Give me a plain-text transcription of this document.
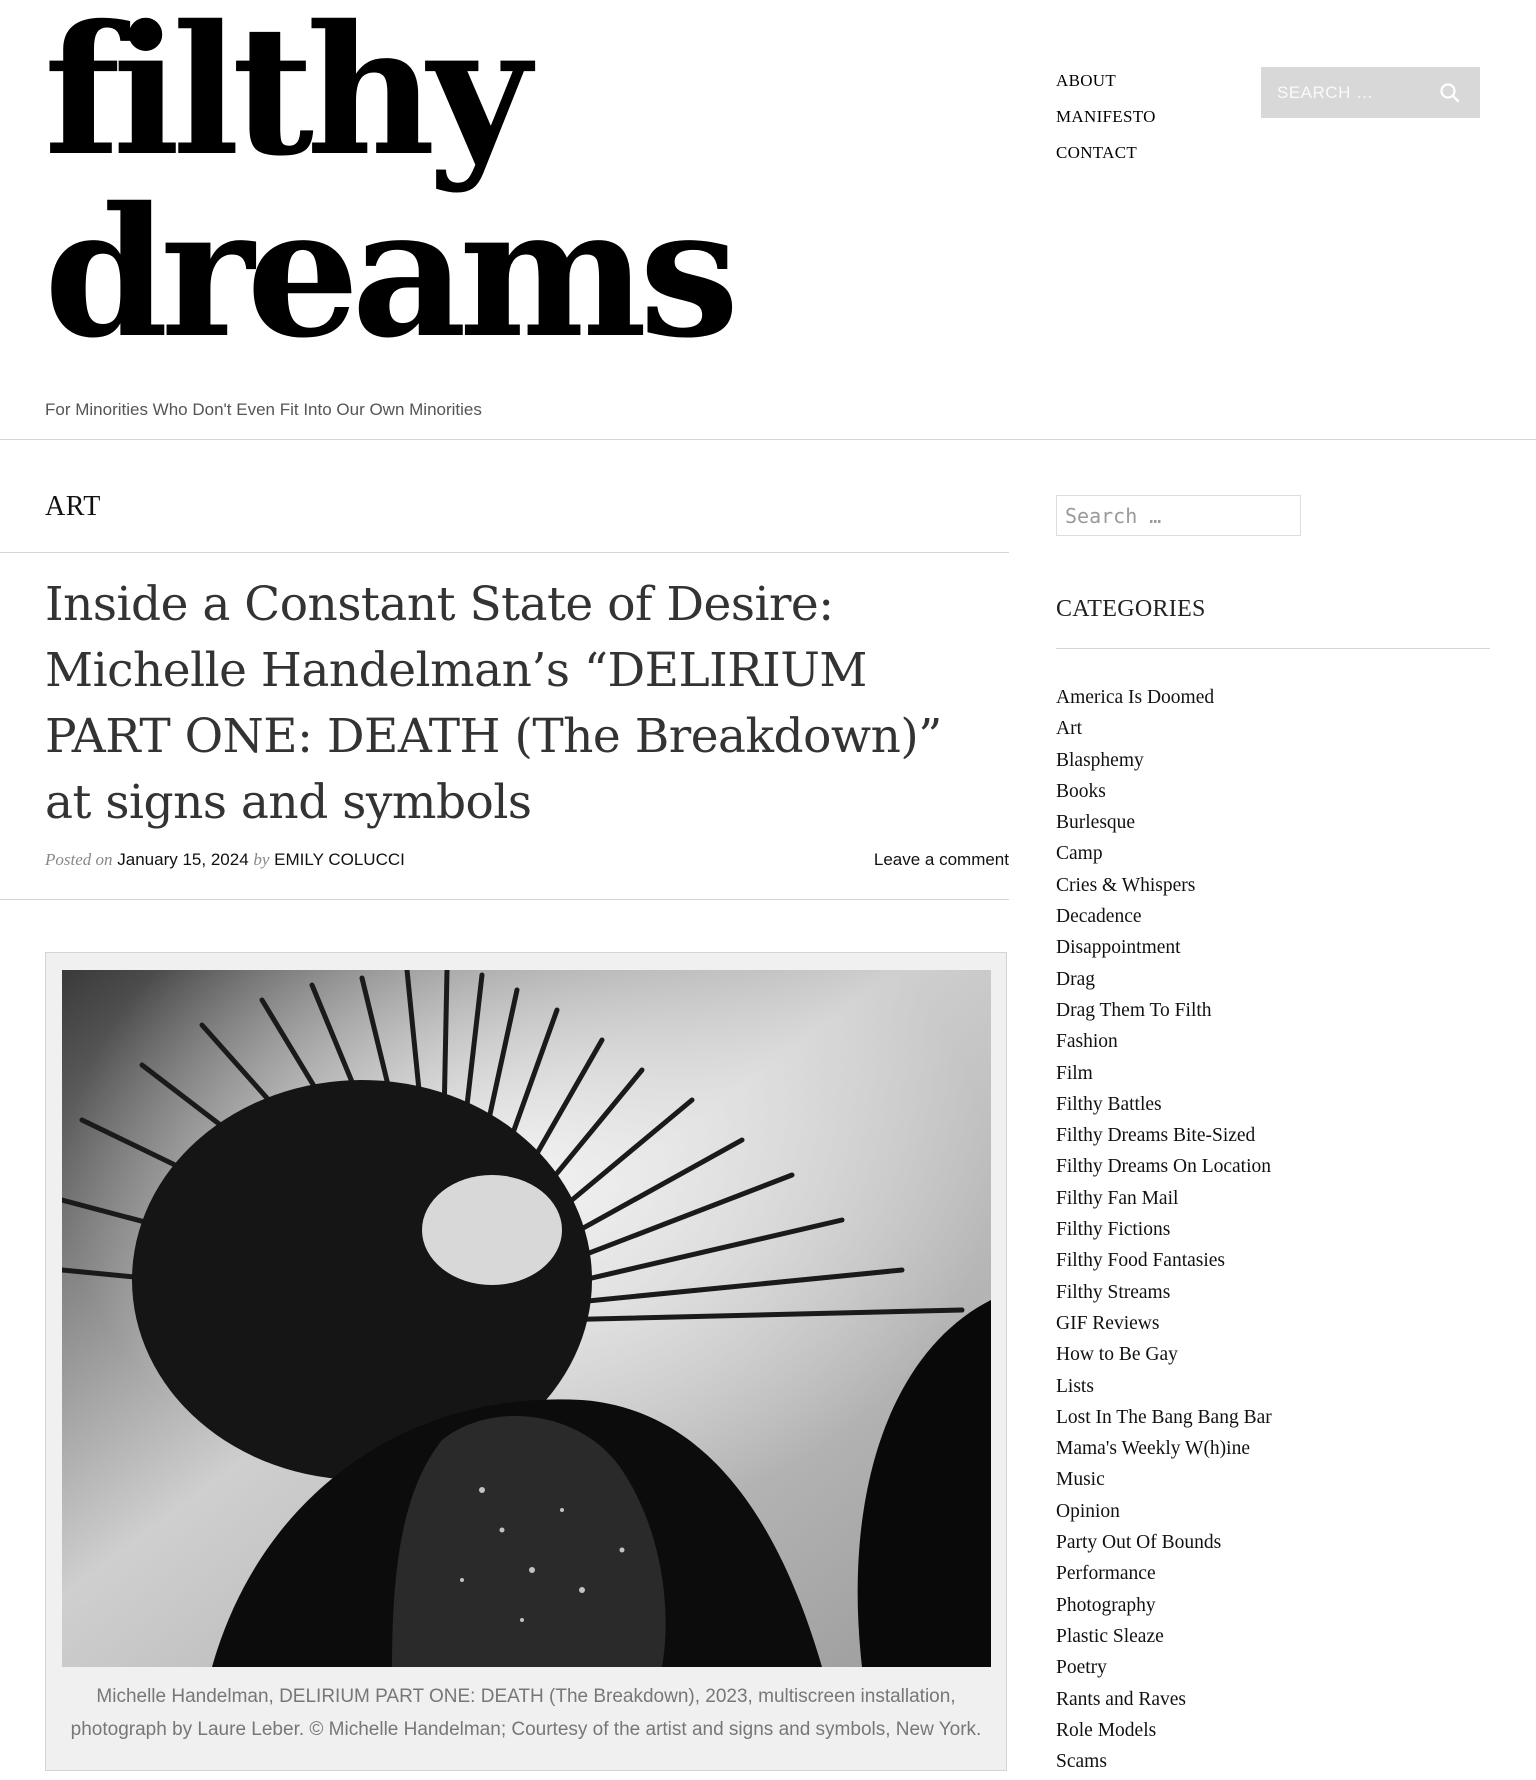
filthy
dreams
For Minorities Who Don't Even Fit Into Our Own Minorities
ABOUT
MANIFESTO
CONTACT
SEARCH …
ART
Inside a Constant State of Desire: Michelle Handelman’s “DELIRIUM PART ONE: DEATH (The Breakdown)” at signs and symbols
Posted on January 15, 2024 by EMILY COLUCCI	Leave a comment
Michelle Handelman, DELIRIUM PART ONE: DEATH (The Breakdown), 2023, multiscreen installation, photograph by Laure Leber. © Michelle Handelman; Courtesy of the artist and signs and symbols, New York.
Search …
CATEGORIES
America Is Doomed
Art
Blasphemy
Books
Burlesque
Camp
Cries & Whispers
Decadence
Disappointment
Drag
Drag Them To Filth
Fashion
Film
Filthy Battles
Filthy Dreams Bite-Sized
Filthy Dreams On Location
Filthy Fan Mail
Filthy Fictions
Filthy Food Fantasies
Filthy Streams
GIF Reviews
How to Be Gay
Lists
Lost In The Bang Bang Bar
Mama's Weekly W(h)ine
Music
Opinion
Party Out Of Bounds
Performance
Photography
Plastic Sleaze
Poetry
Rants and Raves
Role Models
Scams
